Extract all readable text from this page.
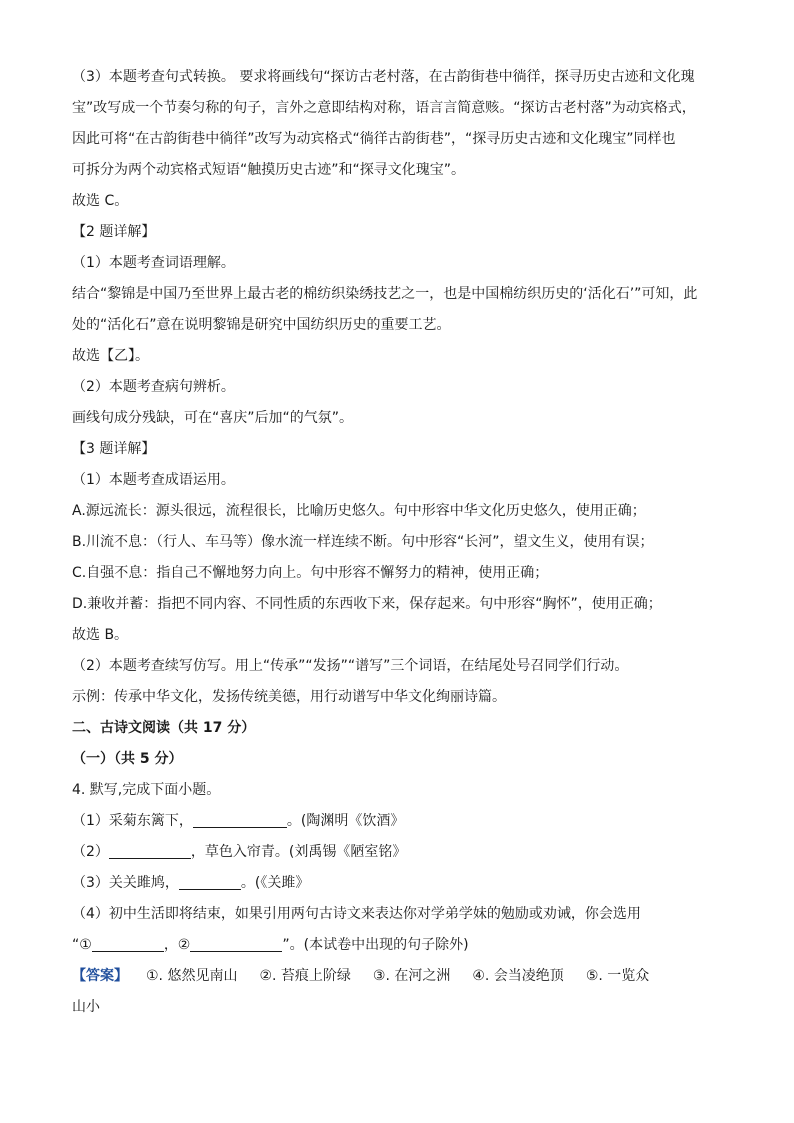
（3）本题考查句式转换。 要求将画线句“探访古老村落，在古韵街巷中徜徉，探寻历史古迹和文化瑰
宝”改写成一个节奏匀称的句子，言外之意即结构对称，语言言简意赅。“探访古老村落”为动宾格式，
因此可将“在古韵街巷中徜徉”改写为动宾格式“徜徉古韵街巷”，“探寻历史古迹和文化瑰宝”同样也
可拆分为两个动宾格式短语“触摸历史古迹”和“探寻文化瑰宝”。
故选 C。
【2 题详解】
（1）本题考查词语理解。
结合“黎锦是中国乃至世界上最古老的棉纺织染绣技艺之一，也是中国棉纺织历史的‘活化石’”可知，此
处的“活化石”意在说明黎锦是研究中国纺织历史的重要工艺。
故选【乙】。
（2）本题考查病句辨析。
画线句成分残缺，可在“喜庆”后加“的气氛”。
【3 题详解】
（1）本题考查成语运用。
A.源远流长：源头很远，流程很长，比喻历史悠久。句中形容中华文化历史悠久，使用正确；
B.川流不息：（行人、车马等）像水流一样连续不断。句中形容“长河”，望文生义，使用有误；
C.自强不息：指自己不懈地努力向上。句中形容不懈努力的精神，使用正确；
D.兼收并蓄：指把不同内容、不同性质的东西收下来，保存起来。句中形容“胸怀”，使用正确；
故选 B。
（2）本题考查续写仿写。用上“传承”“发扬”“谱写”三个词语，在结尾处号召同学们行动。
示例：传承中华文化，发扬传统美德，用行动谱写中华文化绚丽诗篇。
二、古诗文阅读（共 17 分）
（一）（共 5 分）
4. 默写,完成下面小题。
（1）采菊东篱下，	。(陶渊明《饮酒》
（2）	，草色入帘青。(刘禹锡《陋室铭》
（3）关关雎鸠，	。(《关雎》
（4）初中生活即将结束，如果引用两句古诗文来表达你对学弟学妹的勉励或劝诫，你会选用
“①	，②	”。(本试卷中出现的句子除外)
【答案】 ①. 悠然见南山 ②. 苔痕上阶绿 ③. 在河之洲 ④. 会当凌绝顶 ⑤. 一览众
山小
